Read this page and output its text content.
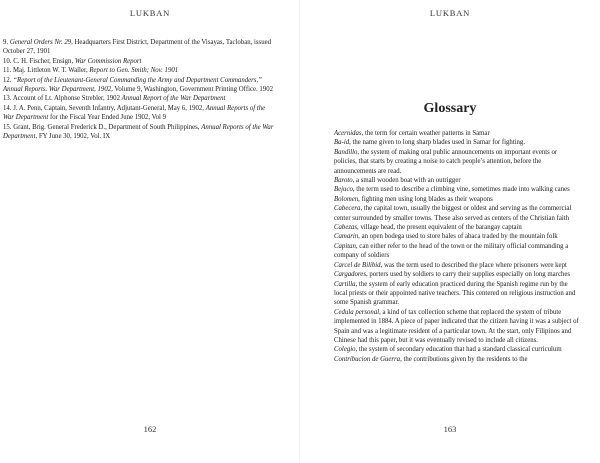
LUKBAN

9. General Orders Nr. 29, Headquarters First District, Department of the Visayas, Tacloban, issued October 27, 1901

10. C. H. Fischer, Ensign, War Commission Report

11. Maj. Littleton W. T. Waller, Report to Gen. Smith; Nov. 1901

12. “Report of the Lieutenant-General Commanding the Army and Department Commanders,” Annual Reports. War Department, 1902, Volume 9, Washington, Government Printing Office. 1902

13. Account of Lt. Alphonse Strebler, 1902 Annual Report of the War Department

14. J. A. Penn, Captain, Seventh Infantry, Adjutant-General, May 6, 1902, Annual Reports of the War Department for the Fiscal Year Ended June 1902, Vol 9

15. Grant, Brig. General Frederick D., Department of South Philippines, Annual Reports of the War Department, FY June 30, 1902, Vol. IX

162
LUKBAN
Glossary

Acernidas, the term for certain weather patterns in Samar

Ba-id, the name given to long sharp blades used in Samar for fighting.

Bandillo, the system of making oral public announcements on important events or policies, that starts by creating a noise to catch people’s attention, before the announcements are read.

Baroto, a small wooden boat with an outrigger

Bejuco, the term used to describe a climbing vine, sometimes made into walking canes

Bolomen, fighting men using long blades as their weapons

Cabecera, the capital town, usually the biggest or oldest and serving as the commercial center surrounded by smaller towns. These also served as centers of the Christian faith

Cabezas, village head, the present equivalent of the barangay captain

Camarin, an open bodega used to store bales of abaca traded by the mountain folk

Capitan, can either refer to the head of the town or the military official commanding a company of soldiers

Carcel de Bilibid, was the term used to described the place where prisoners were kept

Cargadores, porters used by soldiers to carry their supplies especially on long marches

Cartilla, the system of early education practiced during the Spanish regime run by the local priests or their appointed native teachers. This centered on religious instruction and some Spanish grammar.

Cedula personal, a kind of tax collection scheme that replaced the system of tribute implemented in 1884. A piece of paper indicated that the citizen having it was a subject of Spain and was a legitimate resident of a particular town. At the start, only Filipinos and Chinese had this paper, but it was eventually revised to include all citizens.

Colegio, the system of secondary education that had a standard classical curriculum

Contribucion de Guerra, the contributions given by the residents to the

163
